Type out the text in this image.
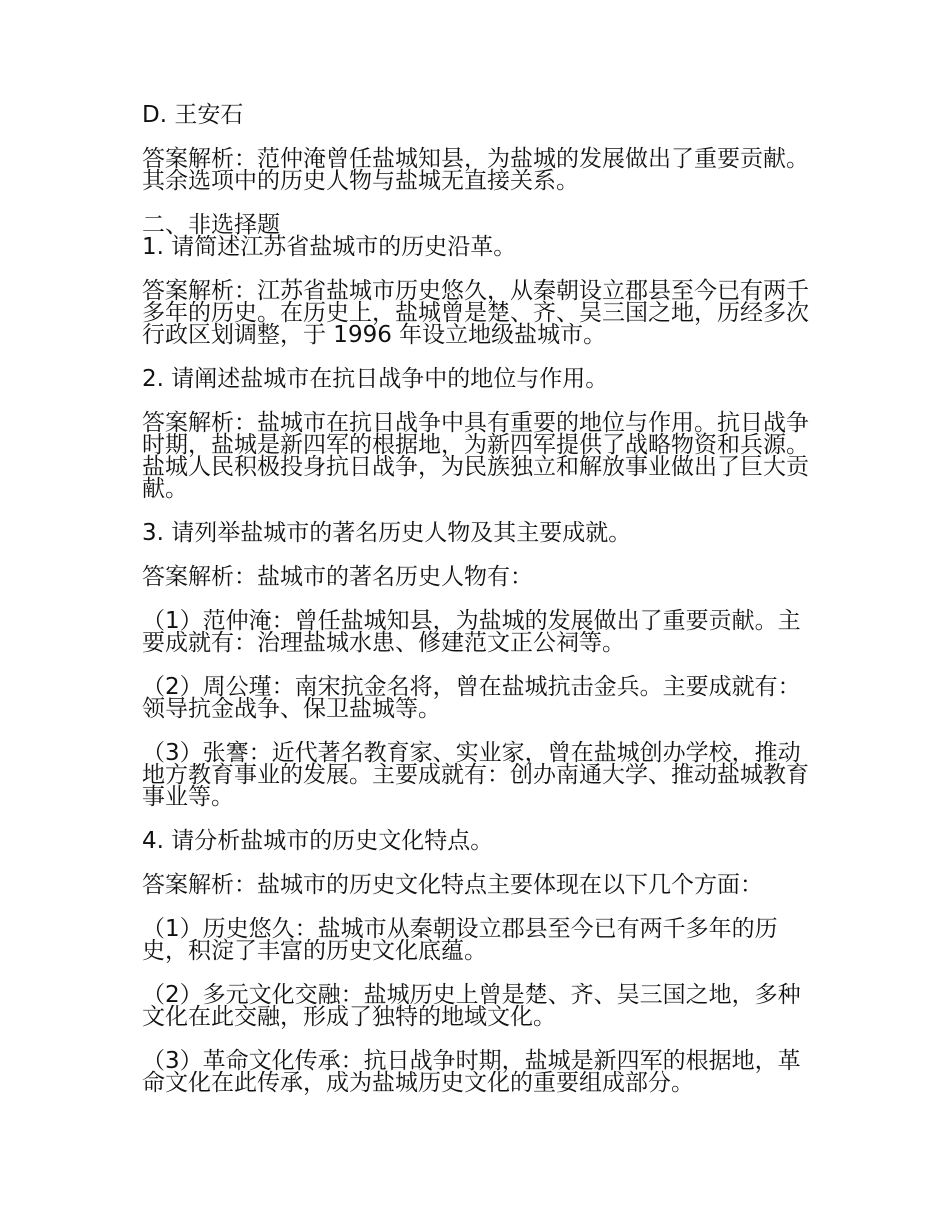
D. 王安石

答案解析：范仲淹曾任盐城知县，为盐城的发展做出了重要贡献。其余选项中的历史人物与盐城无直接关系。

二、非选择题

1. 请简述江苏省盐城市的历史沿革。

答案解析：江苏省盐城市历史悠久，从秦朝设立郡县至今已有两千多年的历史。在历史上，盐城曾是楚、齐、吴三国之地，历经多次行政区划调整，于 1996 年设立地级盐城市。

2. 请阐述盐城市在抗日战争中的地位与作用。

答案解析：盐城市在抗日战争中具有重要的地位与作用。抗日战争时期，盐城是新四军的根据地，为新四军提供了战略物资和兵源。盐城人民积极投身抗日战争，为民族独立和解放事业做出了巨大贡献。

3. 请列举盐城市的著名历史人物及其主要成就。

答案解析：盐城市的著名历史人物有：

（1）范仲淹：曾任盐城知县，为盐城的发展做出了重要贡献。主要成就有：治理盐城水患、修建范文正公祠等。

（2）周公瑾：南宋抗金名将，曾在盐城抗击金兵。主要成就有：领导抗金战争、保卫盐城等。

（3）张謇：近代著名教育家、实业家，曾在盐城创办学校，推动地方教育事业的发展。主要成就有：创办南通大学、推动盐城教育事业等。

4. 请分析盐城市的历史文化特点。

答案解析：盐城市的历史文化特点主要体现在以下几个方面：

（1）历史悠久：盐城市从秦朝设立郡县至今已有两千多年的历史，积淀了丰富的历史文化底蕴。

（2）多元文化交融：盐城历史上曾是楚、齐、吴三国之地，多种文化在此交融，形成了独特的地域文化。

（3）革命文化传承：抗日战争时期，盐城是新四军的根据地，革命文化在此传承，成为盐城历史文化的重要组成部分。
